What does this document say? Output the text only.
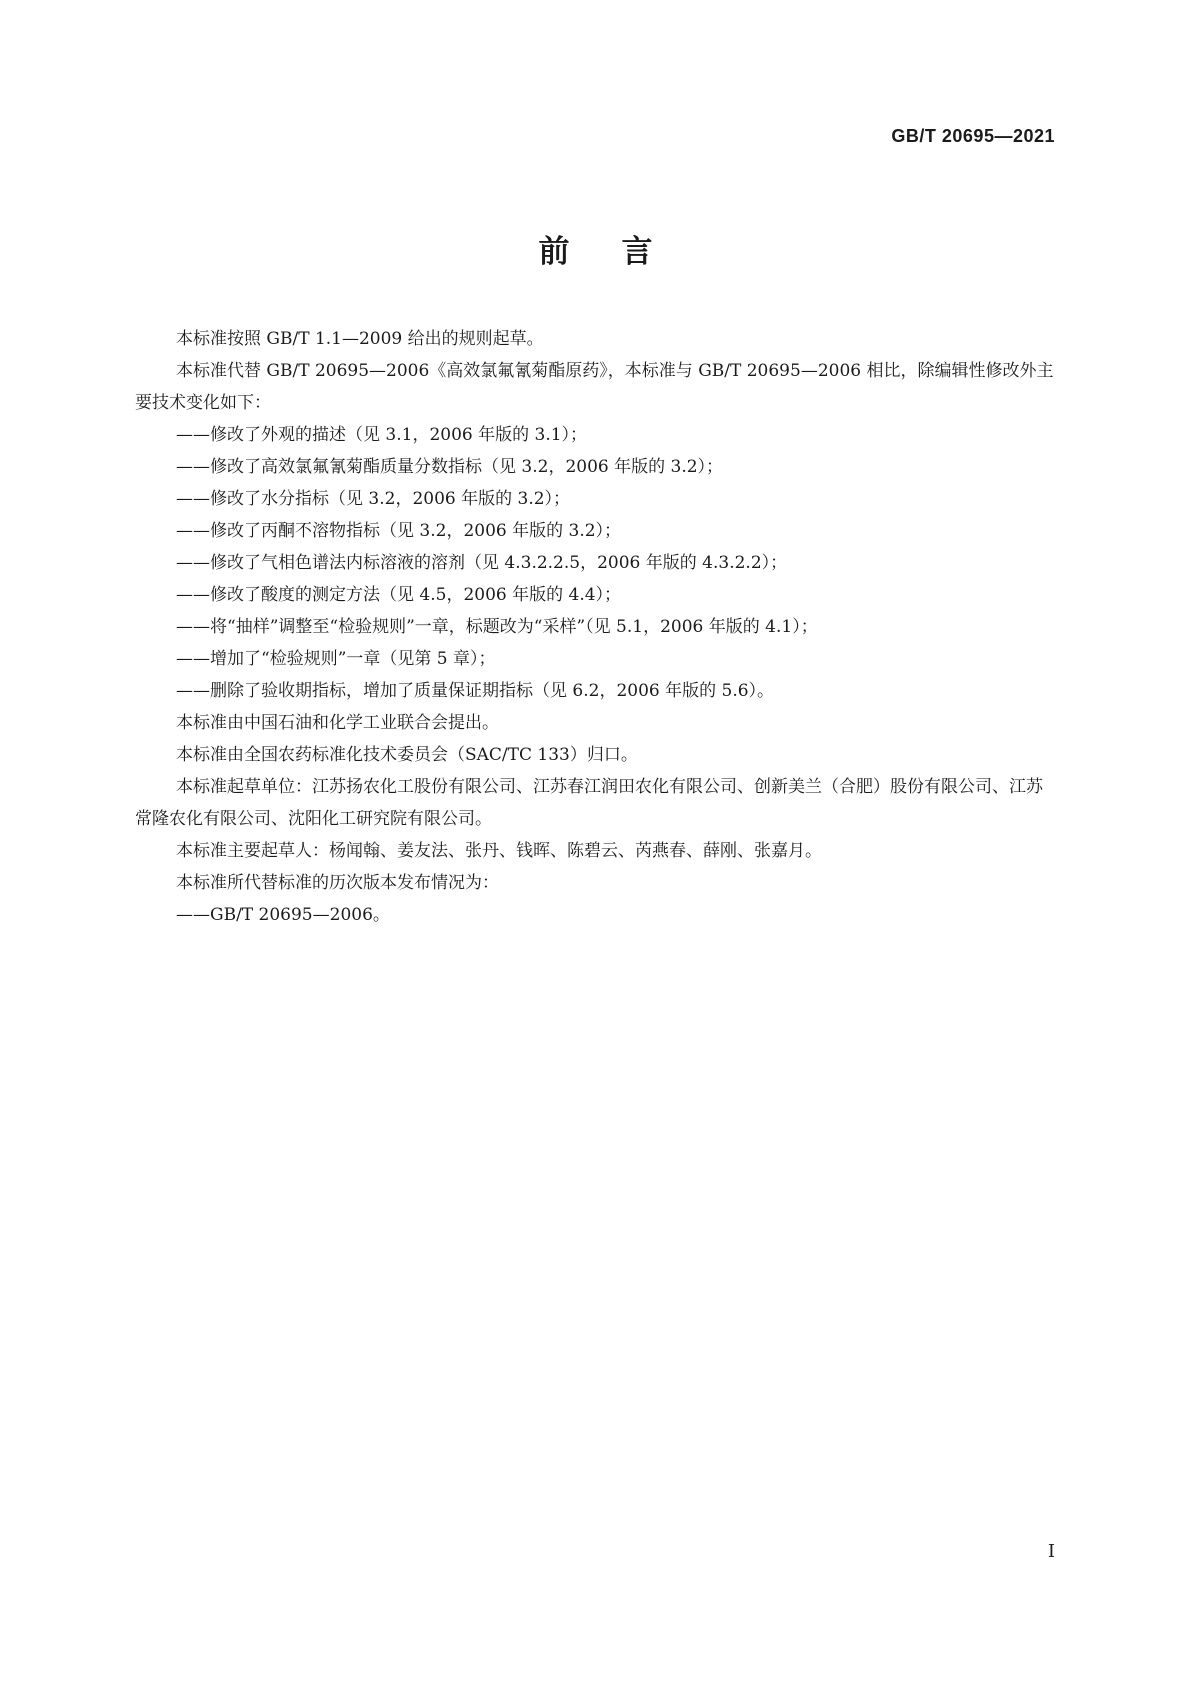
GB/T 20695—2021
前言

本标准按照 GB/T 1.1—2009 给出的规则起草。

本标准代替 GB/T 20695—2006《高效氯氟氰菊酯原药》，本标准与 GB/T 20695—2006 相比，除编辑性修改外主要技术变化如下：

——修改了外观的描述（见 3.1，2006 年版的 3.1）；

——修改了高效氯氟氰菊酯质量分数指标（见 3.2，2006 年版的 3.2）；

——修改了水分指标（见 3.2，2006 年版的 3.2）；

——修改了丙酮不溶物指标（见 3.2，2006 年版的 3.2）；

——修改了气相色谱法内标溶液的溶剂（见 4.3.2.2.5，2006 年版的 4.3.2.2）；

——修改了酸度的测定方法（见 4.5，2006 年版的 4.4）；

——将“抽样”调整至“检验规则”一章，标题改为“采样”（见 5.1，2006 年版的 4.1）；

——增加了“检验规则”一章（见第 5 章）；

——删除了验收期指标，增加了质量保证期指标（见 6.2，2006 年版的 5.6）。

本标准由中国石油和化学工业联合会提出。

本标准由全国农药标准化技术委员会（SAC/TC 133）归口。

本标准起草单位：江苏扬农化工股份有限公司、江苏春江润田农化有限公司、创新美兰（合肥）股份有限公司、江苏常隆农化有限公司、沈阳化工研究院有限公司。

本标准主要起草人：杨闻翰、姜友法、张丹、钱晖、陈碧云、芮燕春、薛刚、张嘉月。

本标准所代替标准的历次版本发布情况为：

——GB/T 20695—2006。

I
